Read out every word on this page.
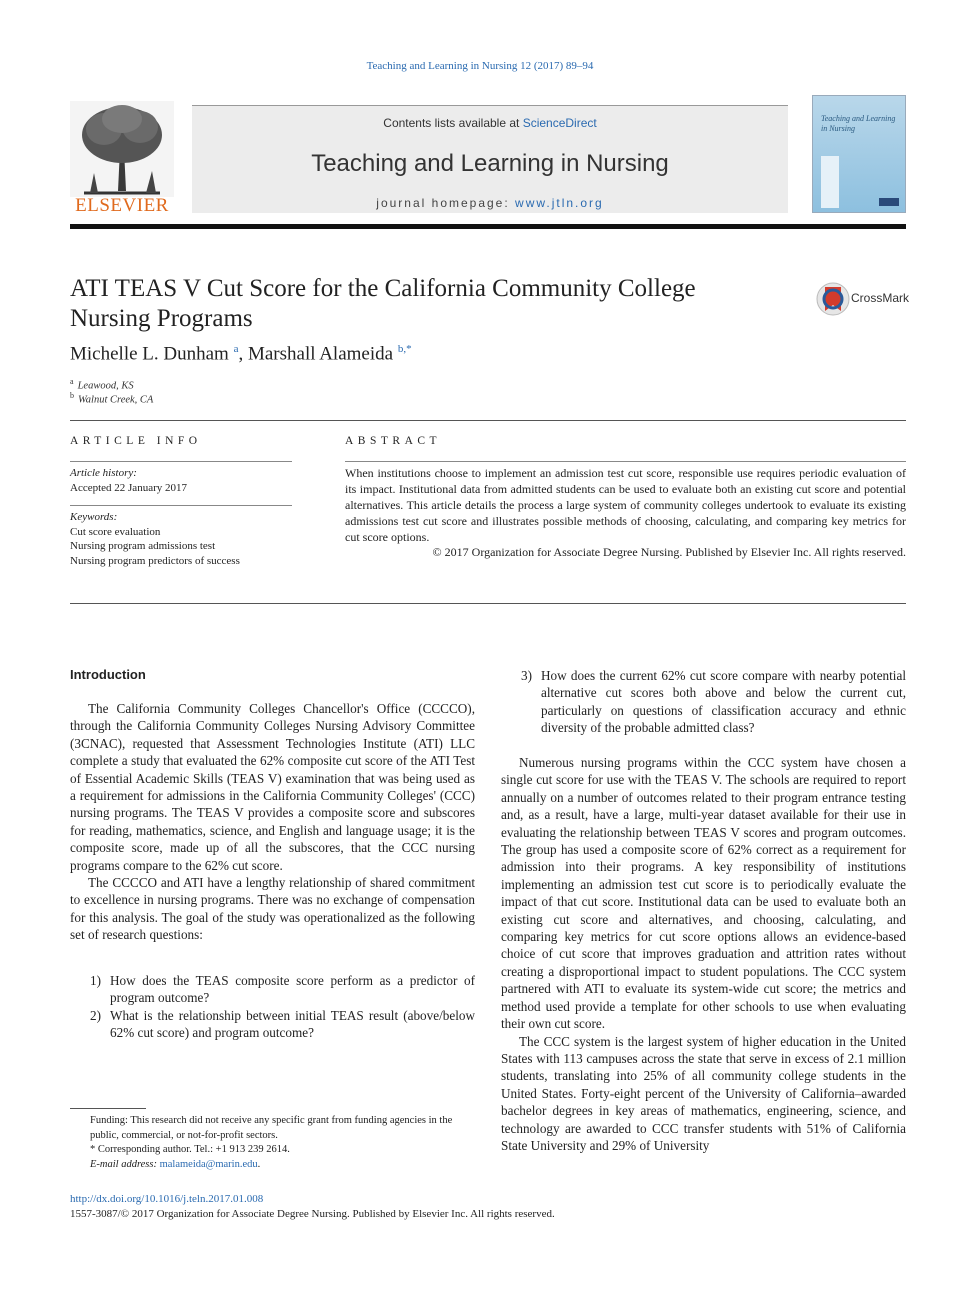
Teaching and Learning in Nursing 12 (2017) 89–94
ELSEVIER
Contents lists available at ScienceDirect
Teaching and Learning in Nursing
journal homepage: www.jtln.org
Teaching and Learning in Nursing
ATI TEAS V Cut Score for the California Community College Nursing Programs
CrossMark
Michelle L. Dunham $^a$, Marshall Alameida $^{b,*}$
$^a$ Leawood, KS
$^b$ Walnut Creek, CA
ARTICLE INFO	ABSTRACT
Article history:
Accepted 22 January 2017
Keywords:
Cut score evaluation
Nursing program admissions test
Nursing program predictors of success
When institutions choose to implement an admission test cut score, responsible use requires periodic evaluation of its impact. Institutional data from admitted students can be used to evaluate both an existing cut score and potential alternatives. This article details the process a large system of community colleges undertook to evaluate its existing admissions test cut score and illustrates possible methods of choosing, calculating, and comparing key metrics for cut score options.
© 2017 Organization for Associate Degree Nursing. Published by Elsevier Inc. All rights reserved.
Introduction

The California Community Colleges Chancellor's Office (CCCCO), through the California Community Colleges Nursing Advisory Committee (3CNAC), requested that Assessment Technologies Institute (ATI) LLC complete a study that evaluated the 62% composite cut score of the ATI Test of Essential Academic Skills (TEAS V) examination that was being used as a requirement for admissions in the California Community Colleges' (CCC) nursing programs. The TEAS V provides a composite score and subscores for reading, mathematics, science, and English and language usage; it is the composite score, made up of all the subscores, that the CCC nursing programs compare to the 62% cut score.

The CCCCO and ATI have a lengthy relationship of shared commitment to excellence in nursing programs. There was no exchange of compensation for this analysis. The goal of the study was operationalized as the following set of research questions:

1) How does the TEAS composite score perform as a predictor of program outcome?
2) What is the relationship between initial TEAS result (above/below 62% cut score) and program outcome?
3) How does the current 62% cut score compare with nearby potential alternative cut scores both above and below the current cut, particularly on questions of classification accuracy and ethnic diversity of the probable admitted class?

Numerous nursing programs within the CCC system have chosen a single cut score for use with the TEAS V. The schools are required to report annually on a number of outcomes related to their program entrance testing and, as a result, have a large, multi-year dataset available for their use in evaluating the relationship between TEAS V scores and program outcomes. The group has used a composite score of 62% correct as a requirement for admission into their programs. A key responsibility of institutions implementing an admission test cut score is to periodically evaluate the impact of that cut score. Institutional data can be used to evaluate both an existing cut score and alternatives, and choosing, calculating, and comparing key metrics for cut score options allows an evidence-based choice of cut score that improves graduation and attrition rates without creating a disproportional impact to student populations. The CCC system partnered with ATI to evaluate its system-wide cut score; the metrics and method used provide a template for other schools to use when evaluating their own cut score.

The CCC system is the largest system of higher education in the United States with 113 campuses across the state that serve in excess of 2.1 million students, translating into 25% of all community college students in the United States. Forty-eight percent of the University of California–awarded bachelor degrees in key areas of mathematics, engineering, science, and technology are awarded to CCC transfer students with 51% of California State University and 29% of University

Funding: This research did not receive any specific grant from funding agencies in the public, commercial, or not-for-profit sectors.
* Corresponding author. Tel.: +1 913 239 2614.
E-mail address: malameida@marin.edu.
http://dx.doi.org/10.1016/j.teln.2017.01.008
1557-3087/© 2017 Organization for Associate Degree Nursing. Published by Elsevier Inc. All rights reserved.
